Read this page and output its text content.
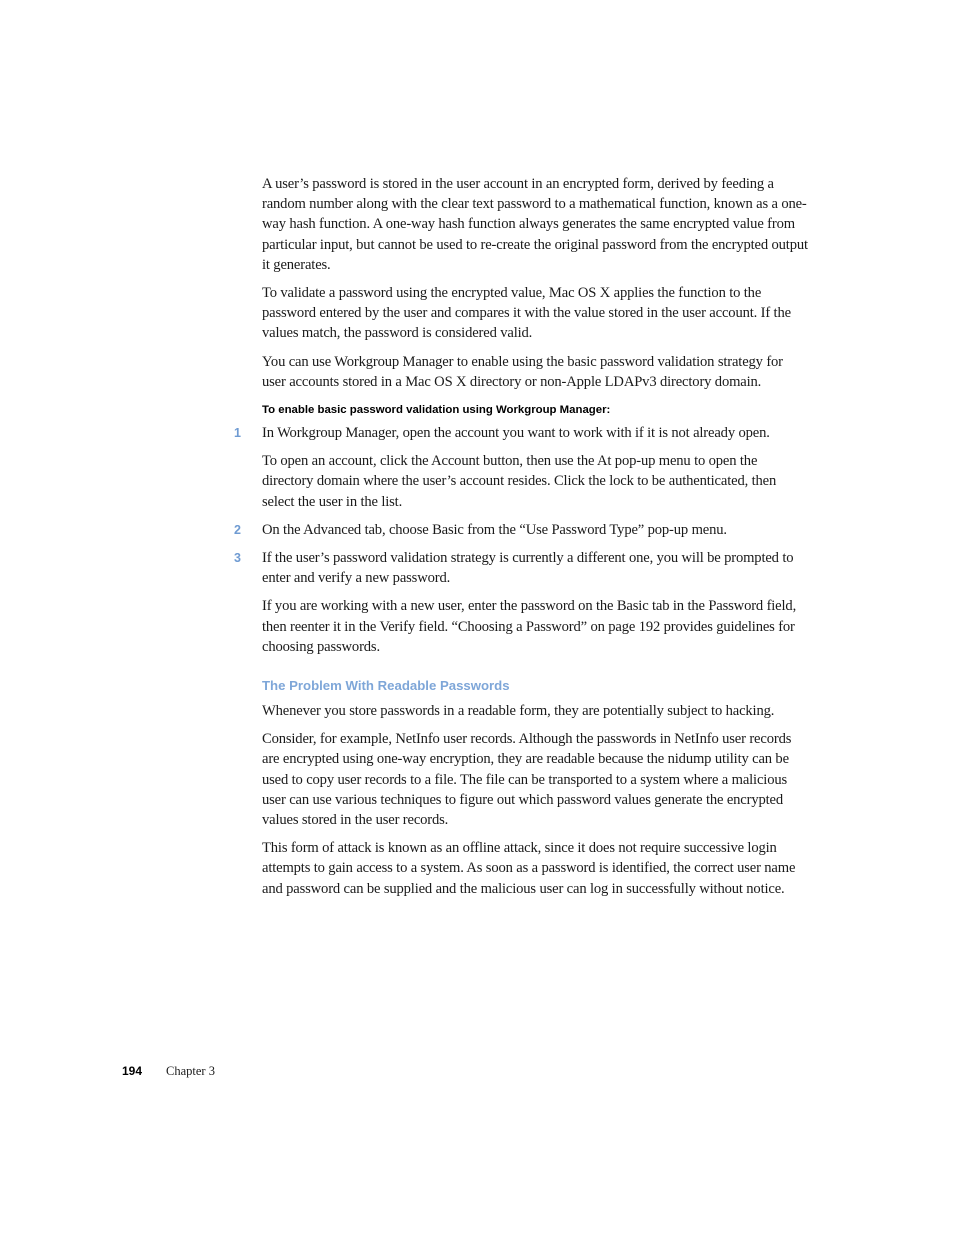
A user’s password is stored in the user account in an encrypted form, derived by feeding a random number along with the clear text password to a mathematical function, known as a one-way hash function. A one-way hash function always generates the same encrypted value from particular input, but cannot be used to re-create the original password from the encrypted output it generates.

To validate a password using the encrypted value, Mac OS X applies the function to the password entered by the user and compares it with the value stored in the user account. If the values match, the password is considered valid.

You can use Workgroup Manager to enable using the basic password validation strategy for user accounts stored in a Mac OS X directory or non-Apple LDAPv3 directory domain.

To enable basic password validation using Workgroup Manager:
1	In Workgroup Manager, open the account you want to work with if it is not already open.

To open an account, click the Account button, then use the At pop-up menu to open the directory domain where the user’s account resides. Click the lock to be authenticated, then select the user in the list.

2	On the Advanced tab, choose Basic from the “Use Password Type” pop-up menu.

3	If the user’s password validation strategy is currently a different one, you will be prompted to enter and verify a new password.

If you are working with a new user, enter the password on the Basic tab in the Password field, then reenter it in the Verify field. “Choosing a Password” on page 192 provides guidelines for choosing passwords.

The Problem With Readable Passwords

Whenever you store passwords in a readable form, they are potentially subject to hacking.

Consider, for example, NetInfo user records. Although the passwords in NetInfo user records are encrypted using one-way encryption, they are readable because the nidump utility can be used to copy user records to a file. The file can be transported to a system where a malicious user can use various techniques to figure out which password values generate the encrypted values stored in the user records.

This form of attack is known as an offline attack, since it does not require successive login attempts to gain access to a system. As soon as a password is identified, the correct user name and password can be supplied and the malicious user can log in successfully without notice.

194 Chapter 3
